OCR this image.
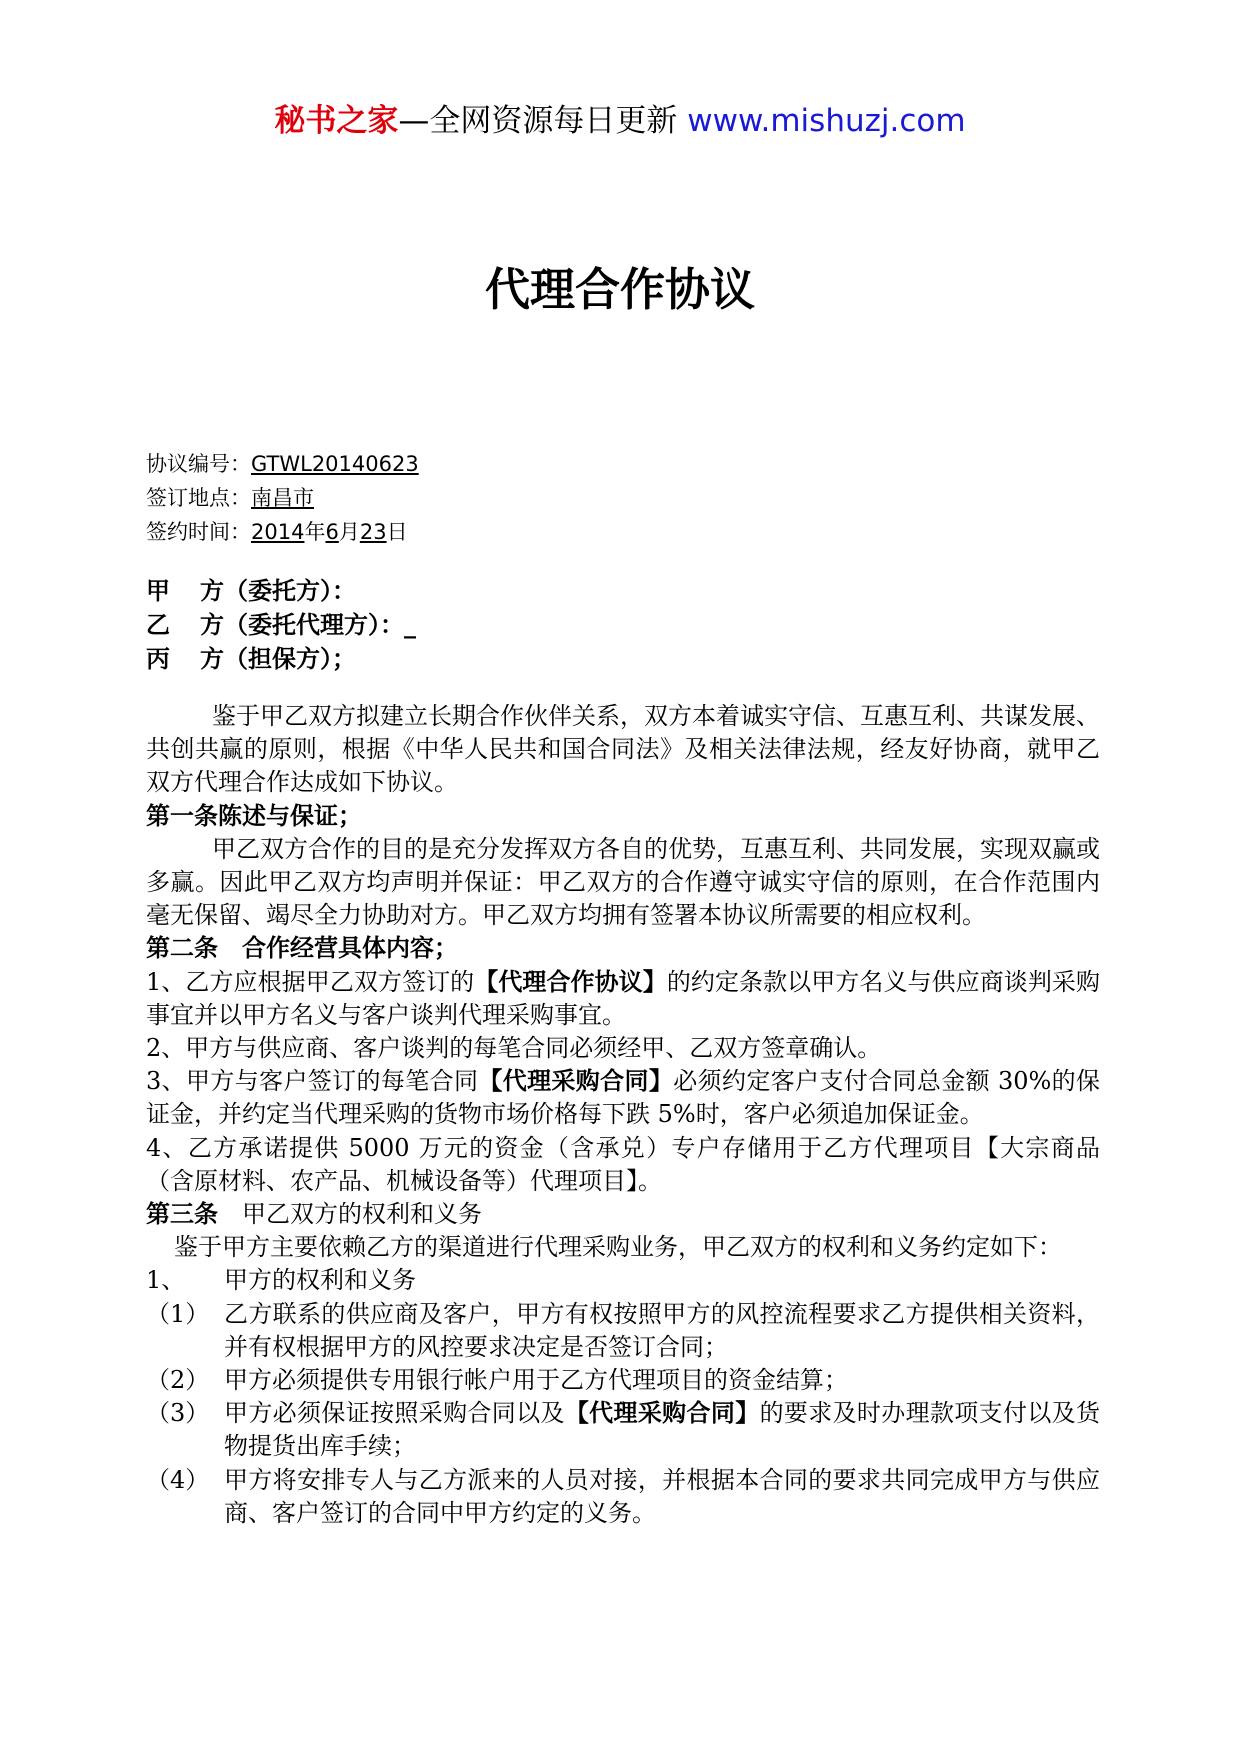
秘书之家—全网资源每日更新 www.mishuzj.com
代理合作协议
协议编号：GTWL20140623
签订地点：南昌市
签约时间：2014年6月23日
甲 方（委托方）：
乙 方（委托代理方）：_
丙 方（担保方）；

鉴于甲乙双方拟建立长期合作伙伴关系，双方本着诚实守信、互惠互利、共谋发展、共创共赢的原则，根据《中华人民共和国合同法》及相关法律法规，经友好协商，就甲乙双方代理合作达成如下协议。

第一条陈述与保证；

甲乙双方合作的目的是充分发挥双方各自的优势，互惠互利、共同发展，实现双赢或多赢。因此甲乙双方均声明并保证：甲乙双方的合作遵守诚实守信的原则，在合作范围内毫无保留、竭尽全力协助对方。甲乙双方均拥有签署本协议所需要的相应权利。

第二条　合作经营具体内容；

1、乙方应根据甲乙双方签订的【代理合作协议】的约定条款以甲方名义与供应商谈判采购事宜并以甲方名义与客户谈判代理采购事宜。

2、甲方与供应商、客户谈判的每笔合同必须经甲、乙双方签章确认。

3、甲方与客户签订的每笔合同【代理采购合同】必须约定客户支付合同总金额 30%的保证金，并约定当代理采购的货物市场价格每下跌 5%时，客户必须追加保证金。

4、乙方承诺提供 5000 万元的资金（含承兑）专户存储用于乙方代理项目【大宗商品（含原材料、农产品、机械设备等）代理项目】。

第三条　甲乙双方的权利和义务

鉴于甲方主要依赖乙方的渠道进行代理采购业务，甲乙双方的权利和义务约定如下：

1、	甲方的权利和义务
（1） 乙方联系的供应商及客户，甲方有权按照甲方的风控流程要求乙方提供相关资料，并有权根据甲方的风控要求决定是否签订合同；
（2） 甲方必须提供专用银行帐户用于乙方代理项目的资金结算；
（3） 甲方必须保证按照采购合同以及【代理采购合同】的要求及时办理款项支付以及货物提货出库手续；
（4） 甲方将安排专人与乙方派来的人员对接，并根据本合同的要求共同完成甲方与供应商、客户签订的合同中甲方约定的义务。
